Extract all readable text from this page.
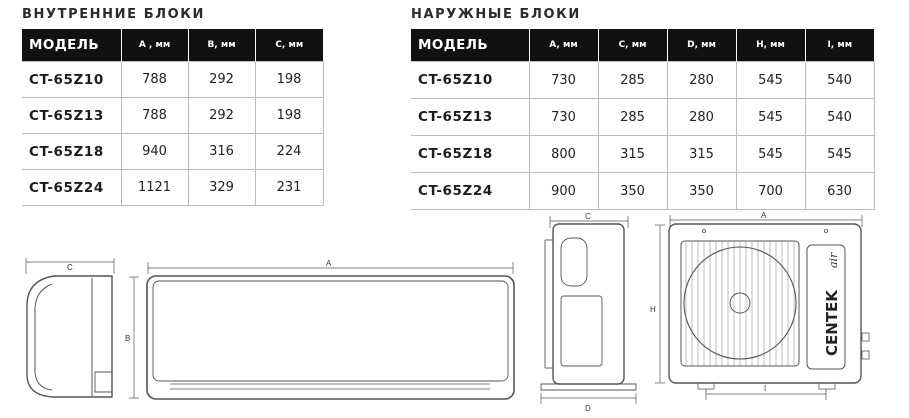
ВНУТРЕННИЕ БЛОКИ
МОДЕЛЬ	A , мм	B, мм	C, мм
CT-65Z10	788	292	198
CT-65Z13	788	292	198
CT-65Z18	940	316	224
CT-65Z24	1121	329	231
НАРУЖНЫЕ БЛОКИ
МОДЕЛЬ	A, мм	C, мм	D, мм	H, мм	I, мм
CT-65Z10	730	285	280	545	540
CT-65Z13	730	285	280	545	540
CT-65Z18	800	315	315	545	545
CT-65Z24	900	350	350	700	630
C	A
B
C
D
A
H
I
CENTEK
air
